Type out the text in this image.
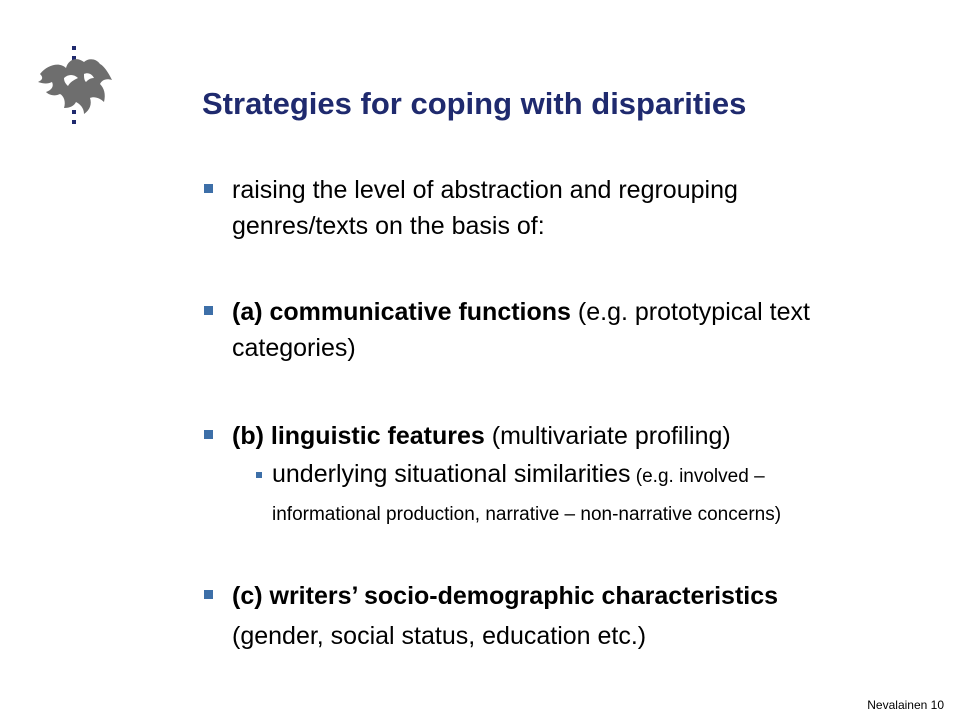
Strategies for coping with disparities
raising the level of abstraction and regrouping
genres/texts on the basis of:
(a) communicative functions (e.g. prototypical text
categories)
(b) linguistic features (multivariate profiling)
underlying situational similarities (e.g. involved –
informational production, narrative – non-narrative concerns)
(c) writers’ socio-demographic characteristics
(gender, social status, education etc.)
Nevalainen 10
